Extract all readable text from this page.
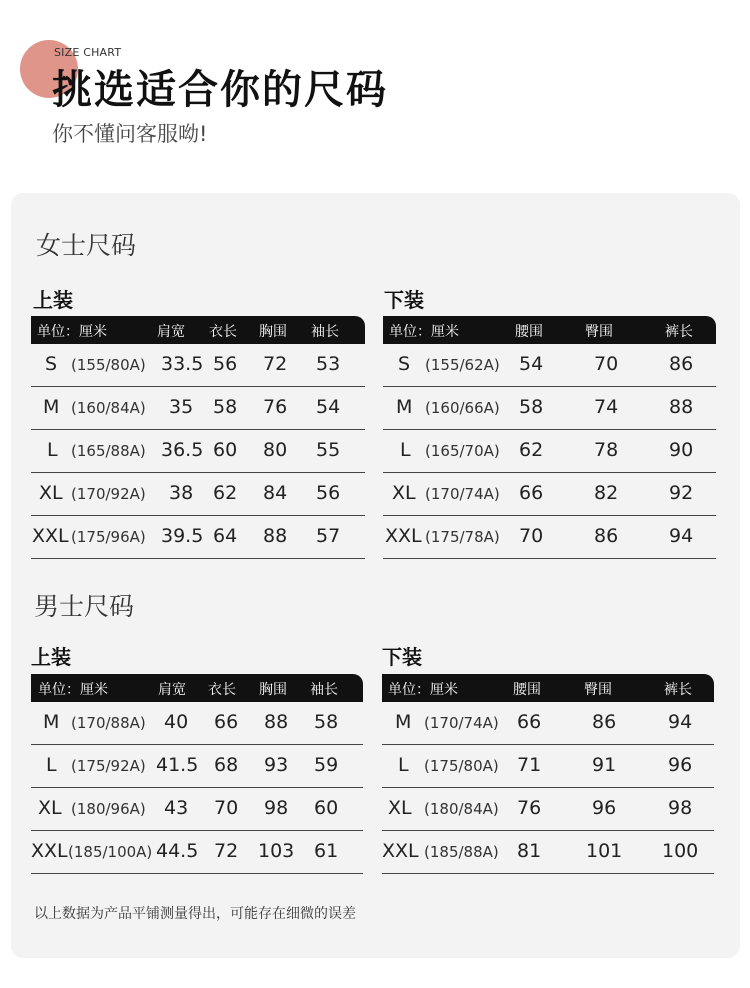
SIZE CHART
挑选适合你的尺码
你不懂问客服呦!
女士尺码
上装	下装
单位：厘米	肩宽 衣长 胸围 袖长
S (155/80A) 33.5 56 72 53
M (160/84A) 35 58 76 54
L (165/88A) 36.5 60 80 55
XL (170/92A) 38 62 84 56
XXL (175/96A) 39.5 64 88 57
单位：厘米	腰围	臀围	裤长
S (155/62A) 54	70	86
M (160/66A) 58	74	88
L (165/70A) 62	78	90
XL (170/74A) 66	82	92
XXL (175/78A) 70	86	94
男士尺码
上装	下装
单位：厘米	肩宽 衣长 胸围 袖长
M (170/88A) 40 66 88 58
L (175/92A) 41.5 68 93 59
XL (180/96A) 43 70 98 60
XXL (185/100A) 44.5 72 103 61
单位：厘米	腰围	臀围	裤长
M (170/74A) 66	86	94
L (175/80A) 71	91	96
XL (180/84A) 76	96	98
XXL (185/88A) 81 101 100
以上数据为产品平铺测量得出，可能存在细微的误差
